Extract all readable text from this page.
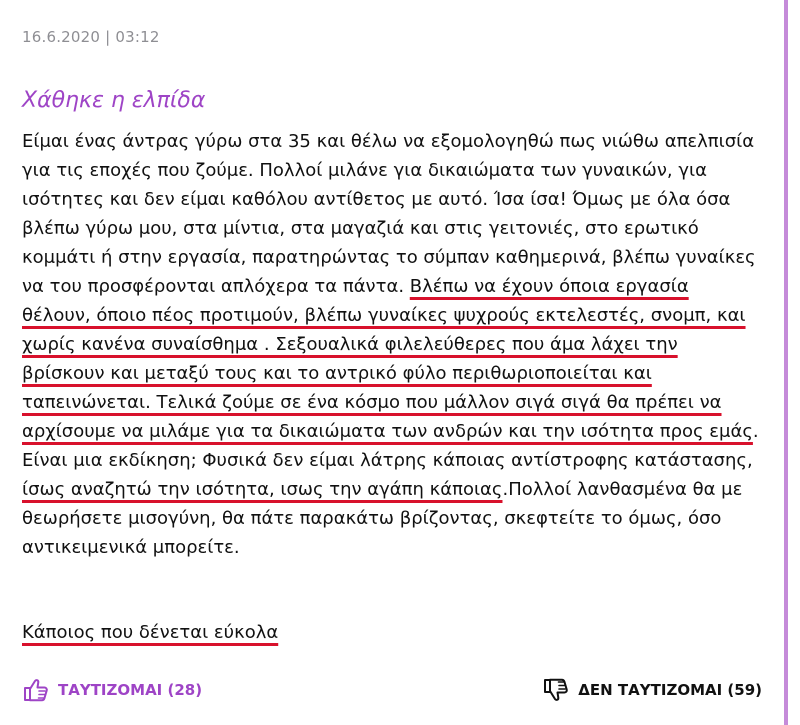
16.6.2020 | 03:12
Χάθηκε η ελπίδα

Είμαι ένας άντρας γύρω στα 35 και θέλω να εξομολογηθώ πως νιώθω απελπισία για τις εποχές που ζούμε. Πολλοί μιλάνε για δικαιώματα των γυναικών, για ισότητες και δεν είμαι καθόλου αντίθετος με αυτό. Ίσα ίσα! Όμως με όλα όσα βλέπω γύρω μου, στα μίντια, στα μαγαζιά και στις γειτονιές, στο ερωτικό κομμάτι ή στην εργασία, παρατηρώντας το σύμπαν καθημερινά, βλέπω γυναίκες να του προσφέρονται απλόχερα τα πάντα. Βλέπω να έχουν όποια εργασία θέλουν, όποιο πέος προτιμούν, βλέπω γυναίκες ψυχρούς εκτελεστές, σνομπ, και χωρίς κανένα συναίσθημα . Σεξουαλικά φιλελεύθερες που άμα λάχει την βρίσκουν και μεταξύ τους και το αντρικό φύλο περιθωριοποιείται και ταπεινώνεται. Τελικά ζούμε σε ένα κόσμο που μάλλον σιγά σιγά θα πρέπει να αρχίσουμε να μιλάμε για τα δικαιώματα των ανδρών και την ισότητα προς εμάς. Είναι μια εκδίκηση; Φυσικά δεν είμαι λάτρης κάποιας αντίστροφης κατάστασης, ίσως αναζητώ την ισότητα, ισως την αγάπη κάποιας.Πολλοί λανθασμένα θα με θεωρήσετε μισογύνη, θα πάτε παρακάτω βρίζοντας, σκεφτείτε το όμως, όσο αντικειμενικά μπορείτε.

Κάποιος που δένεται εύκολα
ΤΑΥΤΙΖΟΜΑΙ (28)	ΔΕΝ ΤΑΥΤΙΖΟΜΑΙ (59)
